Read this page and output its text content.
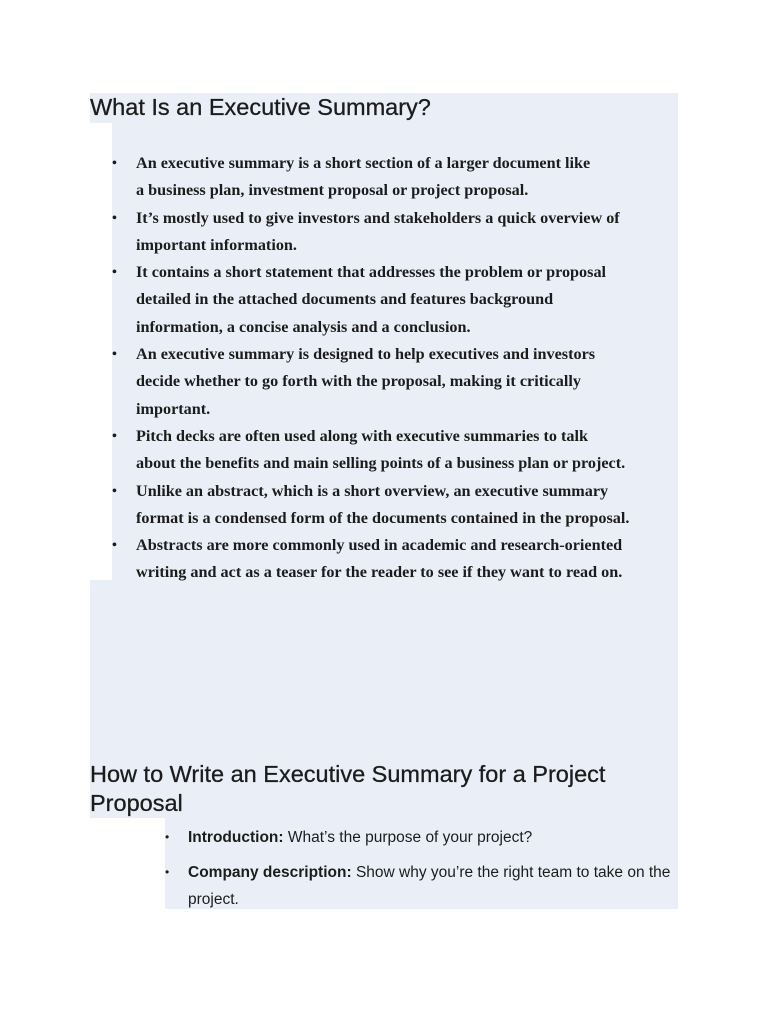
What Is an Executive Summary?
• An executive summary is a short section of a larger document like
a business plan, investment proposal or project proposal.
• It’s mostly used to give investors and stakeholders a quick overview of
important information.
• It contains a short statement that addresses the problem or proposal
detailed in the attached documents and features background
information, a concise analysis and a conclusion.
• An executive summary is designed to help executives and investors
decide whether to go forth with the proposal, making it critically
important.
• Pitch decks are often used along with executive summaries to talk
about the benefits and main selling points of a business plan or project.
• Unlike an abstract, which is a short overview, an executive summary
format is a condensed form of the documents contained in the proposal.
• Abstracts are more commonly used in academic and research-oriented
writing and act as a teaser for the reader to see if they want to read on.
How to Write an Executive Summary for a Project Proposal
• Introduction: What’s the purpose of your project?
• Company description: Show why you’re the right team to take on the project.
